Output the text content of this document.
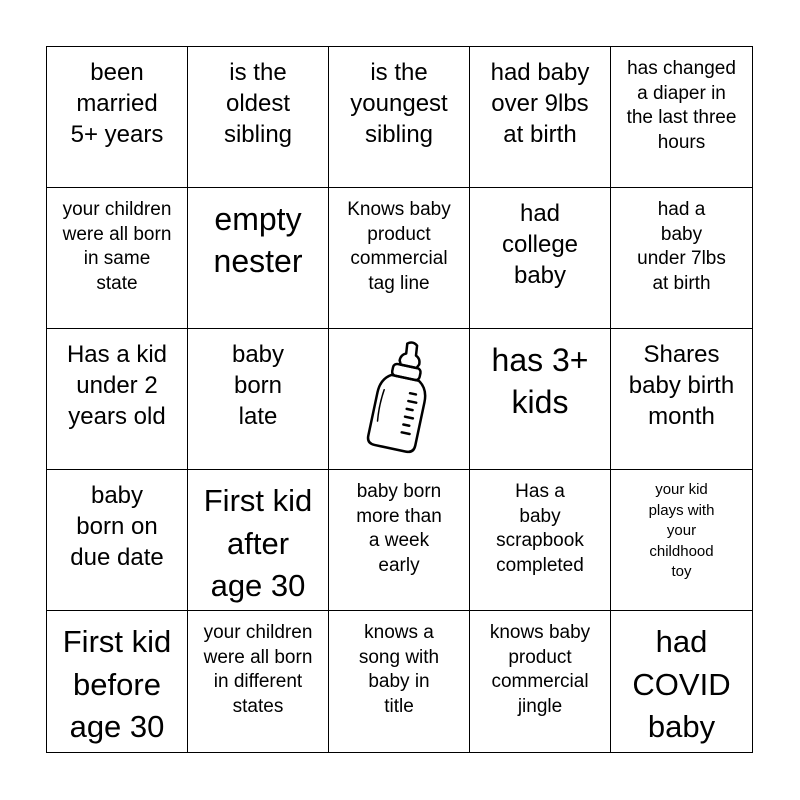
been
married
5+ years
is the
oldest
sibling
is the
youngest
sibling
had baby
over 9lbs
at birth
has changed
a diaper in
the last three
hours
your children
were all born
in same
state
empty
nester
Knows baby
product
commercial
tag line
had
college
baby
had a
baby
under 7lbs
at birth
Has a kid
under 2
years old
baby
born
late
has 3+
kids
Shares
baby birth
month
baby
born on
due date
First kid
after
age 30
baby born
more than
a week
early
Has a
baby
scrapbook
completed
your kid
plays with
your
childhood
toy
First kid
before
age 30
your children
were all born
in different
states
knows a
song with
baby in
title
knows baby
product
commercial
jingle
had
COVID
baby
